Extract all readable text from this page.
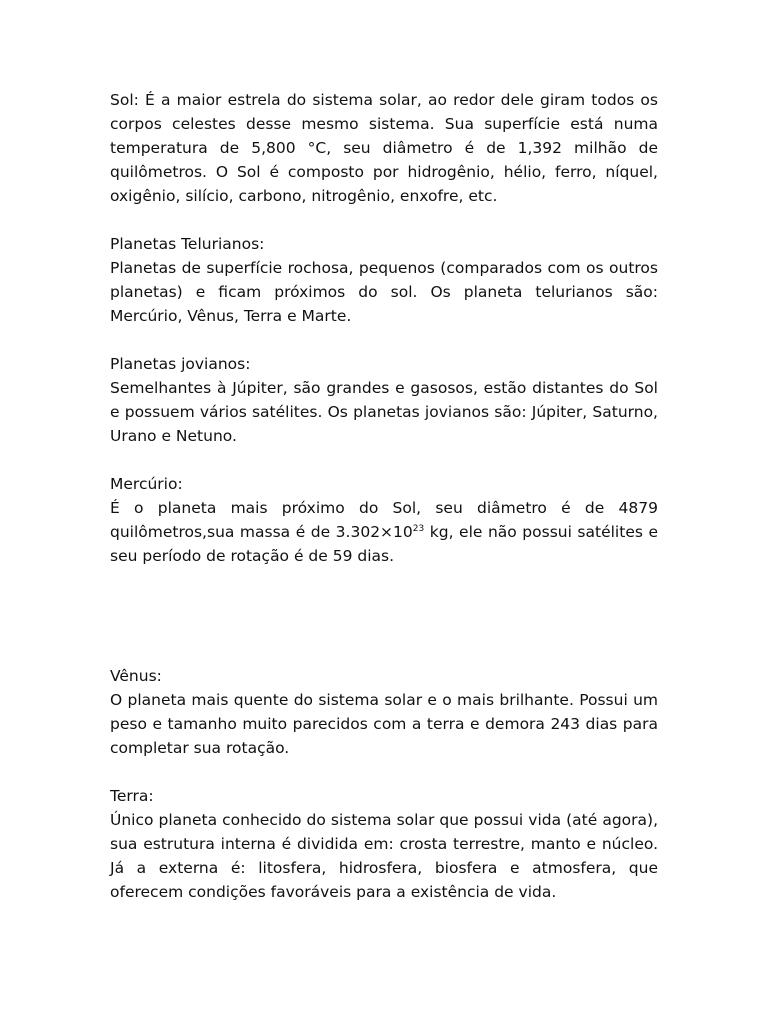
Sol: É a maior estrela do sistema solar, ao redor dele giram todos os corpos celestes desse mesmo sistema. Sua superfície está numa temperatura de 5,800 °C, seu diâmetro é de 1,392 milhão de quilômetros. O Sol é composto por hidrogênio, hélio, ferro, níquel, oxigênio, silício, carbono, nitrogênio, enxofre, etc.

Planetas Telurianos:

Planetas de superfície rochosa, pequenos (comparados com os outros planetas) e ficam próximos do sol. Os planeta telurianos são: Mercúrio, Vênus, Terra e Marte.

Planetas jovianos:

Semelhantes à Júpiter, são grandes e gasosos, estão distantes do Sol e possuem vários satélites. Os planetas jovianos são: Júpiter, Saturno, Urano e Netuno.

Mercúrio:

É o planeta mais próximo do Sol, seu diâmetro é de 4879 quilômetros,sua massa é de $3.302\times 10^{23}$ kg, ele não possui satélites e seu período de rotação é de 59 dias.

Vênus:

O planeta mais quente do sistema solar e o mais brilhante. Possui um peso e tamanho muito parecidos com a terra e demora 243 dias para completar sua rotação.

Terra:

Único planeta conhecido do sistema solar que possui vida (até agora), sua estrutura interna é dividida em: crosta terrestre, manto e núcleo. Já a externa é: litosfera, hidrosfera, biosfera e atmosfera, que oferecem condições favoráveis para a existência de vida.
